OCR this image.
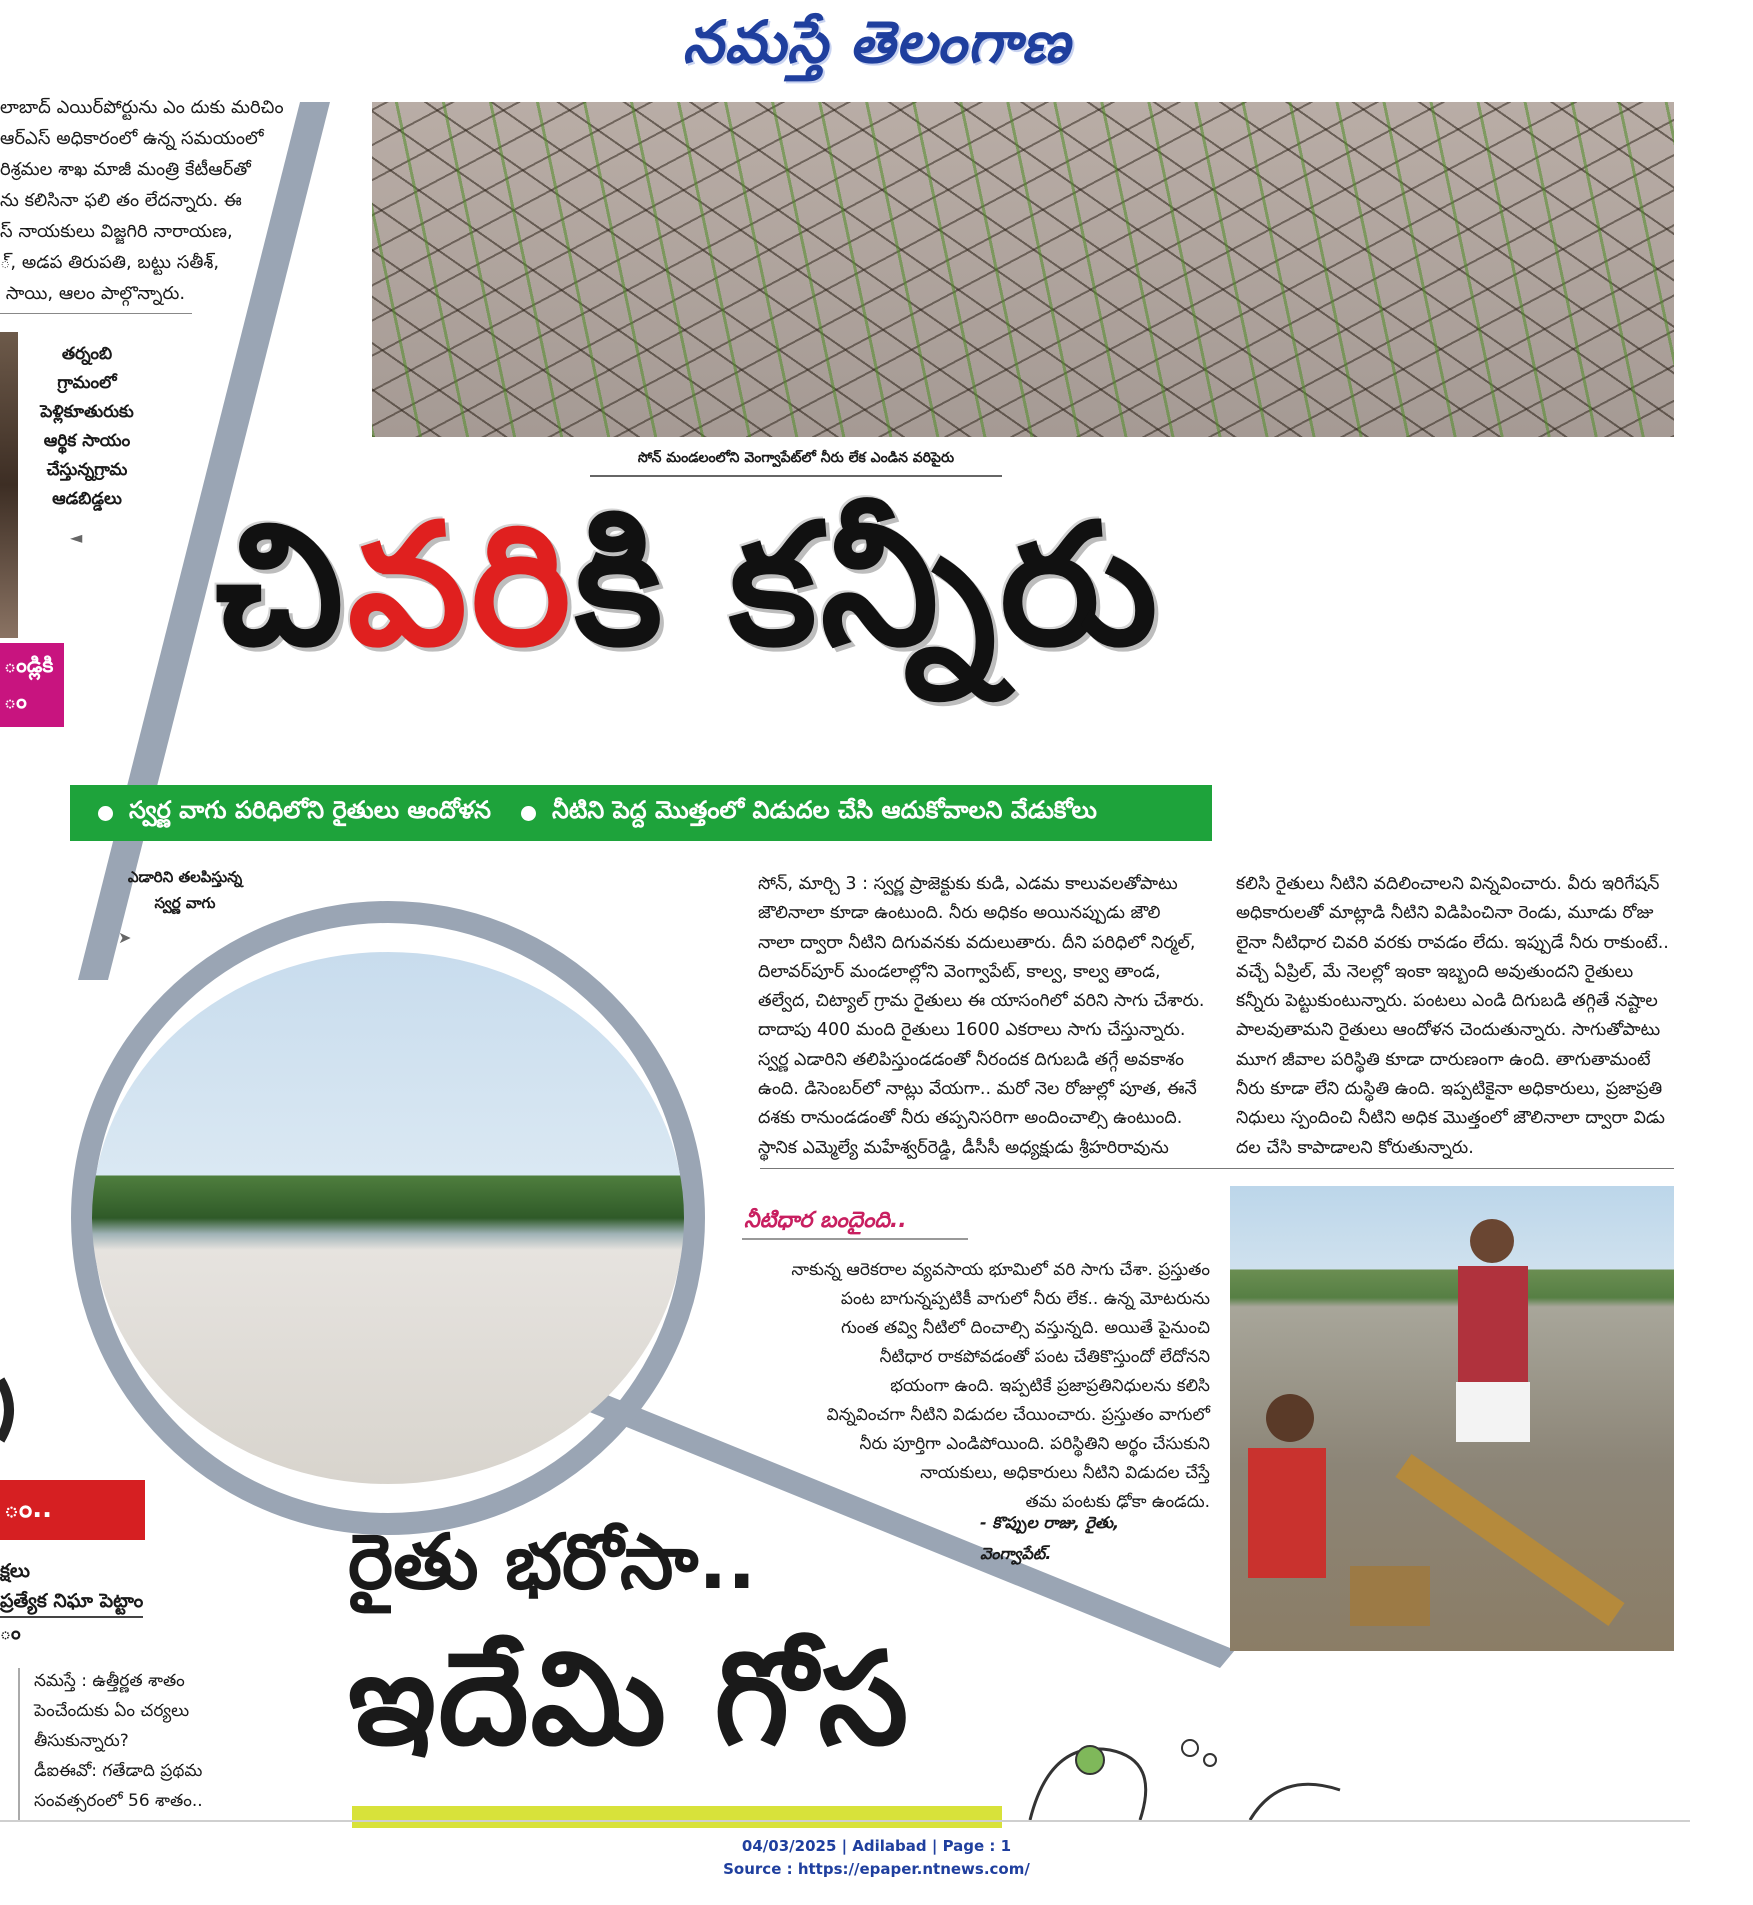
నమస్తే తెలంగాణ
లాబాద్ ఎయిర్‌పోర్టును ఎం దుకు మరిచిం
ఆర్ఎస్ అధికారంలో ఉన్న సమయంలో
రిశ్రమల శాఖ మాజీ మంత్రి కేటీఆర్‌తో
ను కలిసినా ఫలి తం లేదన్నారు. ఈ
స్ నాయకులు విజ్జగిరి నారాయణ,
్, అడప తిరుపతి, బట్టు సతీశ్,
సాయి, ఆలం పాల్గొన్నారు.
తర్నంబి
గ్రామంలో
పెళ్లికూతురుకు
ఆర్థిక సాయం
చేస్తున్నగ్రామ
ఆడబిడ్డలు
◄
ండ్లికి
ం
ం..
క్షలు
ప్రత్యేక నిఘా పెట్టాం
ం
నమస్తే : ఉత్తీర్ణత శాతం
పెంచేందుకు ఏం చర్యలు
తీసుకున్నారు?
డీఐఈవో: గతేడాది ప్రథమ
సంవత్సరంలో 56 శాతం..
సోన్ మండలంలోని వెంగ్వాపేట్‌లో నీరు లేక ఎండిన వరిపైరు
చివరికి కన్నీరు
స్వర్ణ వాగు పరిధిలోని రైతులు ఆందోళన	నీటిని పెద్ద మొత్తంలో విడుదల చేసి ఆదుకోవాలని వేడుకోలు
ఎడారిని తలపిస్తున్న
స్వర్ణ వాగు
➤
సోన్, మార్చి 3 : స్వర్ణ ప్రాజెక్టుకు కుడి, ఎడమ కాలువలతోపాటు
జౌలినాలా కూడా ఉంటుంది. నీరు అధికం అయినప్పుడు జౌలి
నాలా ద్వారా నీటిని దిగువనకు వదులుతారు. దీని పరిధిలో నిర్మల్,
దిలావర్‌పూర్ మండలాల్లోని వెంగ్వాపేట్, కాల్వ, కాల్వ తాండ,
తల్వేద, చిట్యాల్ గ్రామ రైతులు ఈ యాసంగిలో వరిని సాగు చేశారు.
దాదాపు 400 మంది రైతులు 1600 ఎకరాలు సాగు చేస్తున్నారు.
స్వర్ణ ఎడారిని తలిపిస్తుండడంతో నీరందక దిగుబడి తగ్గే అవకాశం
ఉంది. డిసెంబర్‌లో నాట్లు వేయగా.. మరో నెల రోజుల్లో పూత, ఈనే
దశకు రానుండడంతో నీరు తప్పనిసరిగా అందించాల్సి ఉంటుంది.
స్థానిక ఎమ్మెల్యే మహేశ్వర్‌రెడ్డి, డీసీసీ అధ్యక్షుడు శ్రీహరిరావును
కలిసి రైతులు నీటిని వదిలించాలని విన్నవించారు. వీరు ఇరిగేషన్
అధికారులతో మాట్లాడి నీటిని విడిపించినా రెండు, మూడు రోజు
లైనా నీటిధార చివరి వరకు రావడం లేదు. ఇప్పుడే నీరు రాకుంటే..
వచ్చే ఏప్రిల్, మే నెలల్లో ఇంకా ఇబ్బంది అవుతుందని రైతులు
కన్నీరు పెట్టుకుంటున్నారు. పంటలు ఎండి దిగుబడి తగ్గితే నష్టాల
పాలవుతామని రైతులు ఆందోళన చెందుతున్నారు. సాగుతోపాటు
మూగ జీవాల పరిస్థితి కూడా దారుణంగా ఉంది. తాగుతామంటే
నీరు కూడా లేని దుస్థితి ఉంది. ఇప్పటికైనా అధికారులు, ప్రజాప్రతి
నిధులు స్పందించి నీటిని అధిక మొత్తంలో జౌలినాలా ద్వారా విడు
దల చేసి కాపాడాలని కోరుతున్నారు.
నీటిధార బందైంది..
నాకున్న ఆరెకరాల వ్యవసాయ భూమిలో వరి సాగు చేశా. ప్రస్తుతం
పంట బాగున్నప్పటికీ వాగులో నీరు లేక.. ఉన్న మోటరును
గుంత తవ్వి నీటిలో దించాల్సి వస్తున్నది. అయితే పైనుంచి
నీటిధార రాకపోవడంతో పంట చేతికొస్తుందో లేదోనని
భయంగా ఉంది. ఇప్పటికే ప్రజాప్రతినిధులను కలిసి
విన్నవించగా నీటిని విడుదల చేయించారు. ప్రస్తుతం వాగులో
నీరు పూర్తిగా ఎండిపోయింది. పరిస్థితిని అర్థం చేసుకుని
నాయకులు, అధికారులు నీటిని విడుదల చేస్తే
తమ పంటకు ఢోకా ఉండదు.
- కొప్పుల రాజు, రైతు,
వెంగ్వాపేట్.
రైతు భరోసా..
ఇదేమి గోస
04/03/2025 | Adilabad | Page : 1
Source : https://epaper.ntnews.com/
